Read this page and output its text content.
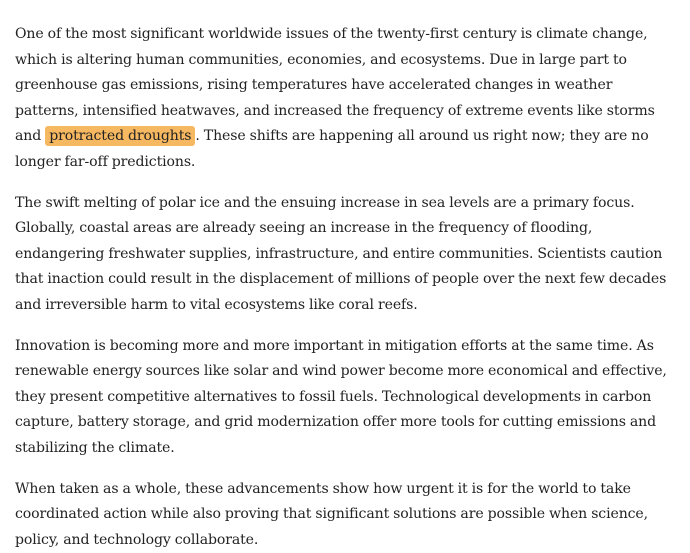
One of the most significant worldwide issues of the twenty-first century is climate change, which is altering human communities, economies, and ecosystems. Due in large part to greenhouse gas emissions, rising temperatures have accelerated changes in weather patterns, intensified heatwaves, and increased the frequency of extreme events like storms and protracted droughts . These shifts are happening all around us right now; they are no longer far-off predictions.

The swift melting of polar ice and the ensuing increase in sea levels are a primary focus. Globally, coastal areas are already seeing an increase in the frequency of flooding, endangering freshwater supplies, infrastructure, and entire communities. Scientists caution that inaction could result in the displacement of millions of people over the next few decades and irreversible harm to vital ecosystems like coral reefs.

Innovation is becoming more and more important in mitigation efforts at the same time. As renewable energy sources like solar and wind power become more economical and effective, they present competitive alternatives to fossil fuels. Technological developments in carbon capture, battery storage, and grid modernization offer more tools for cutting emissions and stabilizing the climate.

When taken as a whole, these advancements show how urgent it is for the world to take coordinated action while also proving that significant solutions are possible when science, policy, and technology collaborate.
